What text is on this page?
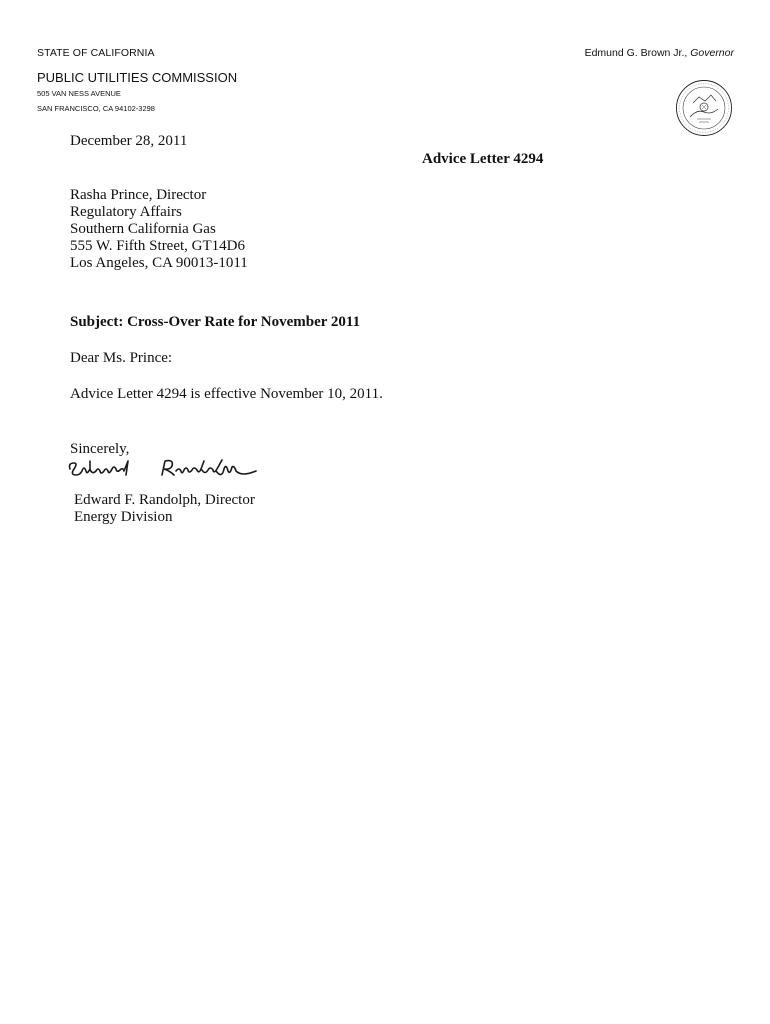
STATE OF CALIFORNIA	Edmund G. Brown Jr., Governor
PUBLIC UTILITIES COMMISSION
505 VAN NESS AVENUE
SAN FRANCISCO, CA 94102-3298
December 28, 2011
Advice Letter 4294
Rasha Prince, Director
Regulatory Affairs
Southern California Gas
555 W. Fifth Street, GT14D6
Los Angeles, CA 90013-1011
Subject: Cross-Over Rate for November 2011
Dear Ms. Prince:
Advice Letter 4294 is effective November 10, 2011.
Sincerely,
Edward F. Randolph, Director
Energy Division
